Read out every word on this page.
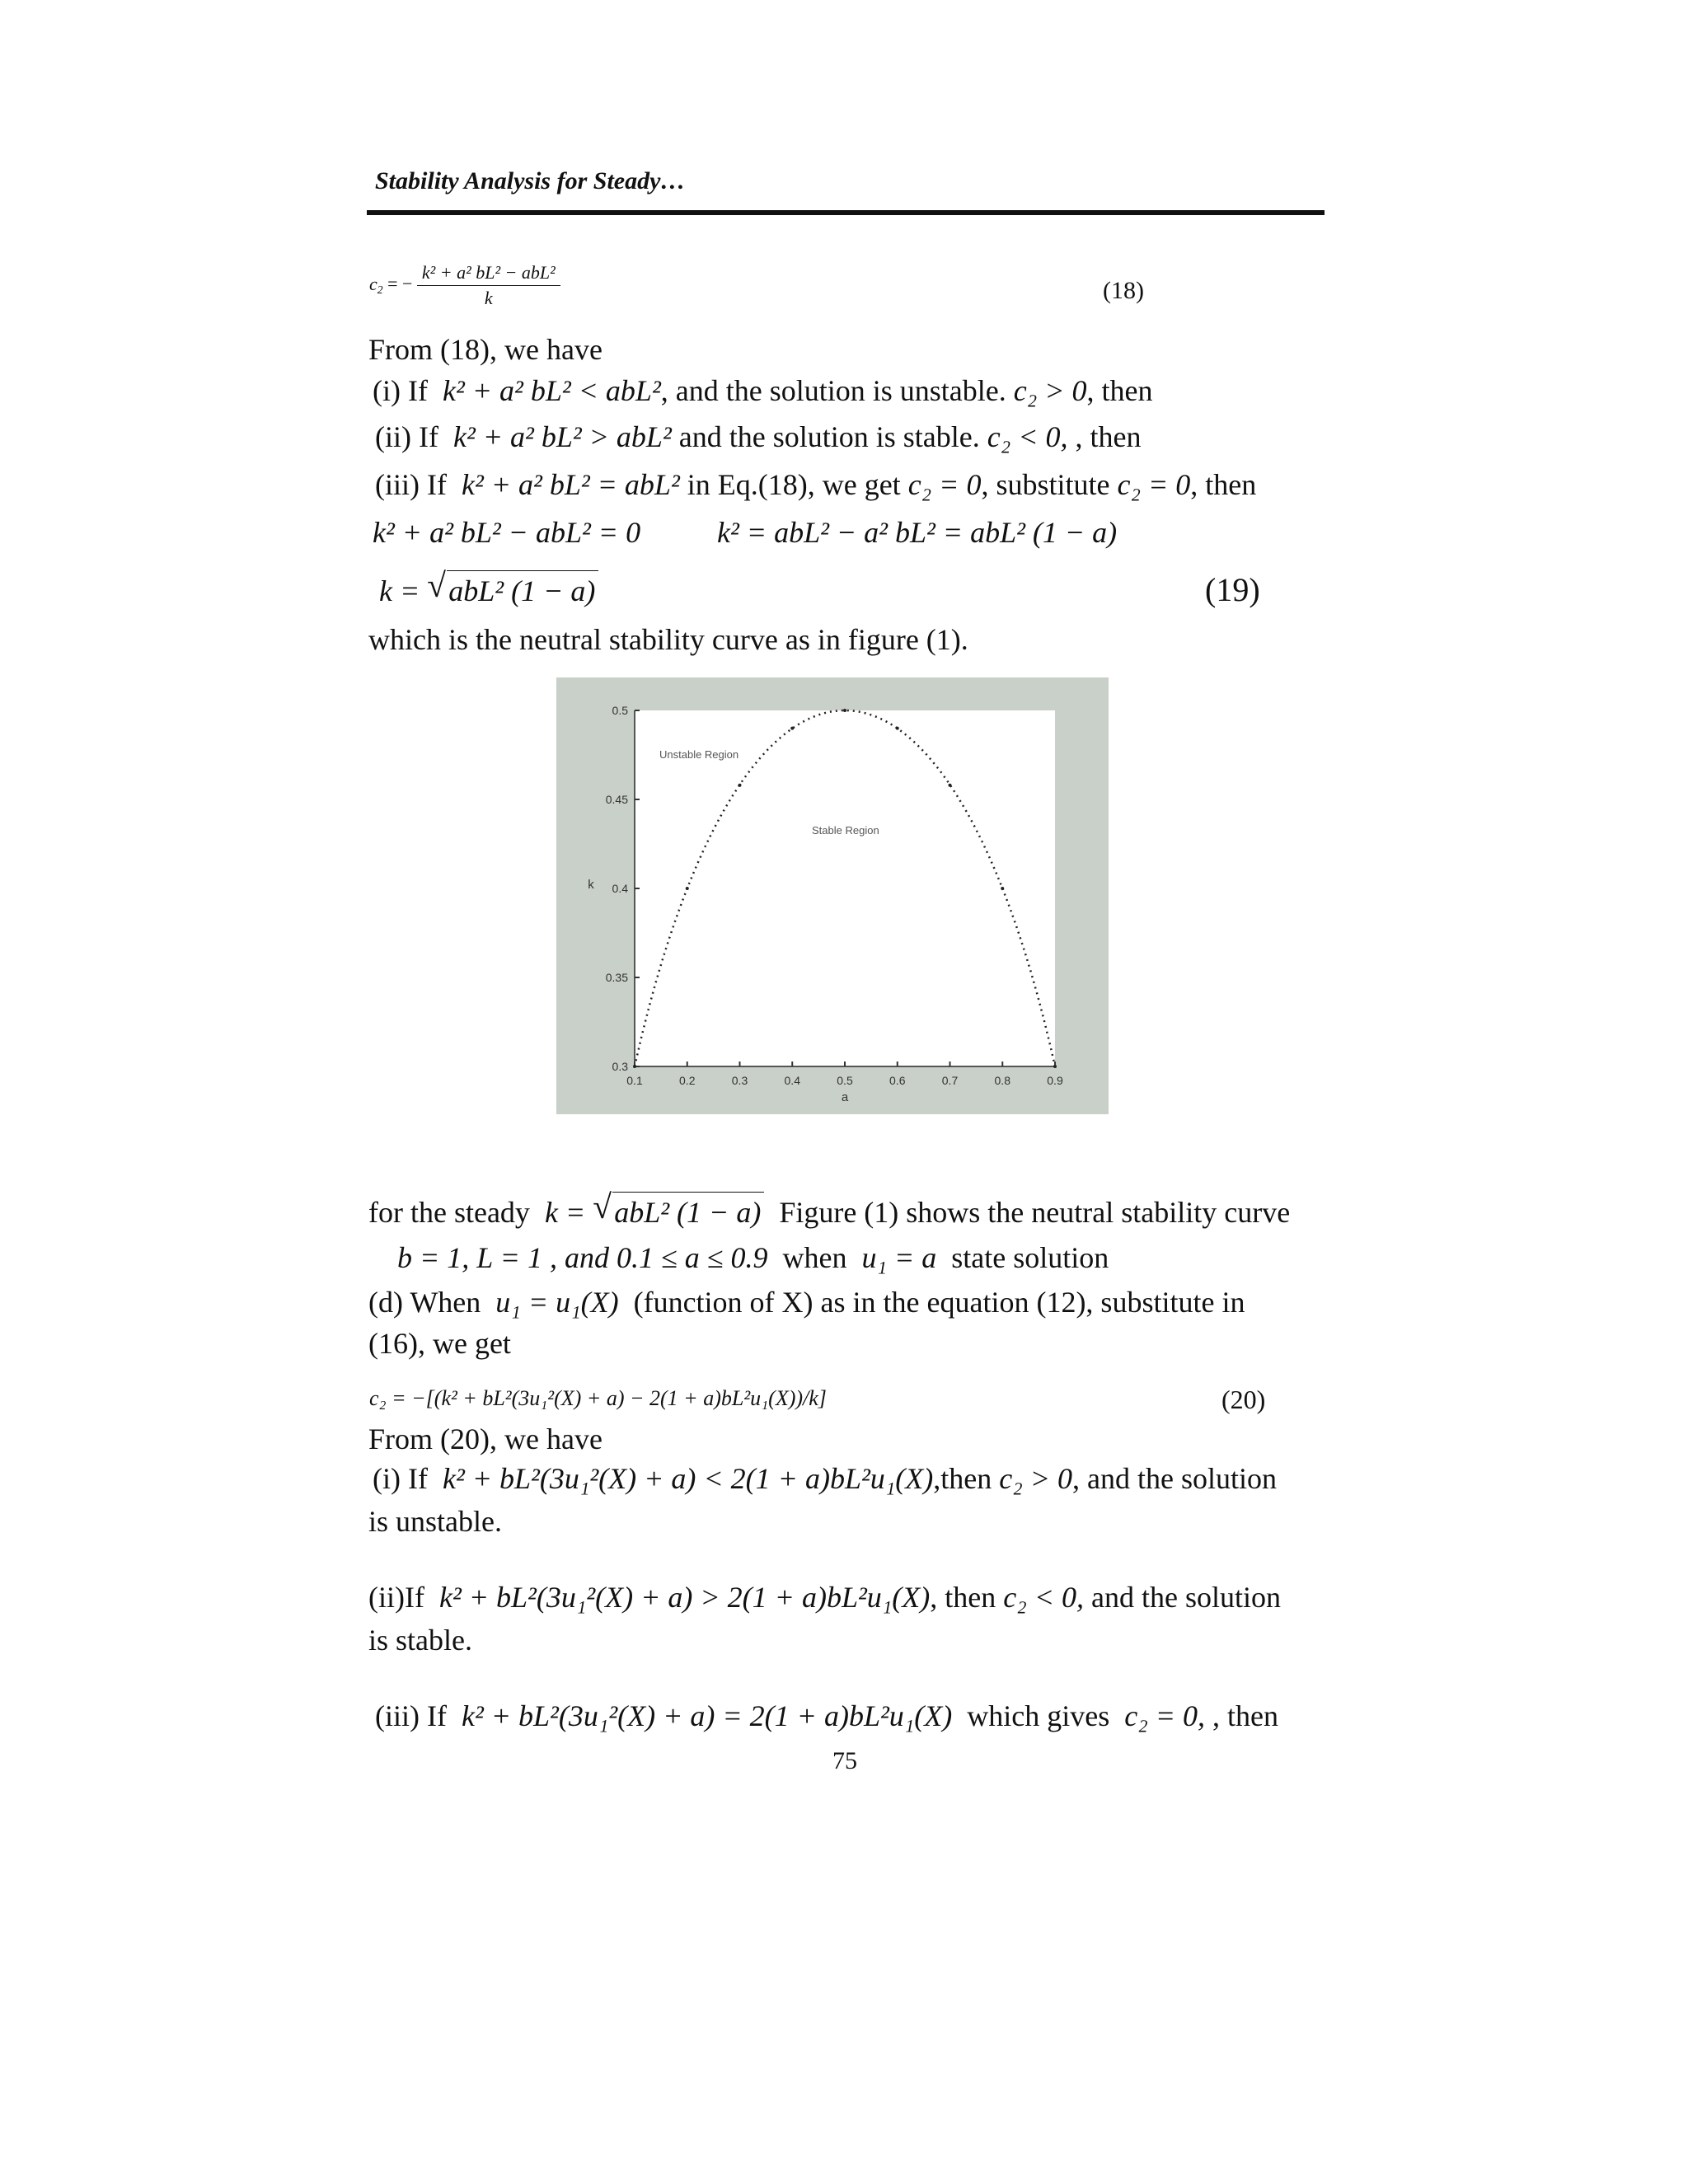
Stability Analysis for Steady…
$c_2$ = − $\frac{\text{k² + a² bL² − abL²}}{k}$	(18)
From (18), we have
(i) If k² + a² bL² < abL², and the solution is unstable. c₂ > 0, then
(ii) If k² + a² bL² > abL² and the solution is stable. c₂ < 0, , then
(iii) If k² + a² bL² = abL² in Eq.(18), we get c₂ = 0, substitute c₂ = 0, then
k² + a² bL² − abL² = 0	k² = abL² − a² bL² = abL² (1 − a)
k = √ abL² (1 − a)	(19)
which is the neutral stability curve as in figure (1).
0.3
0.35
0.4
0.45
0.5
0.1	0.2	0.3	0.4	0.5	0.6	0.7	0.8	0.9
k
a
Unstable Region
Stable Region
for the steady k = √ abL² (1 − a) Figure (1) shows the neutral stability curve
b = 1, L = 1 , and 0.1 ≤ a ≤ 0.9 when u₁ = a state solution
(d) When u₁ = u₁(X) (function of X) as in the equation (12), substitute in
(16), we get
c₂ = −[(k² + bL²(3u₁²(X) + a) − 2(1 + a)bL²u₁(X))/k]	(20)
From (20), we have
(i) If k² + bL²(3u₁²(X) + a) < 2(1 + a)bL²u₁(X),then c₂ > 0, and the solution
is unstable.
(ii)If k² + bL²(3u₁²(X) + a) > 2(1 + a)bL²u₁(X), then c₂ < 0, and the solution
is stable.
(iii) If k² + bL²(3u₁²(X) + a) = 2(1 + a)bL²u₁(X) which gives c₂ = 0, , then
75
